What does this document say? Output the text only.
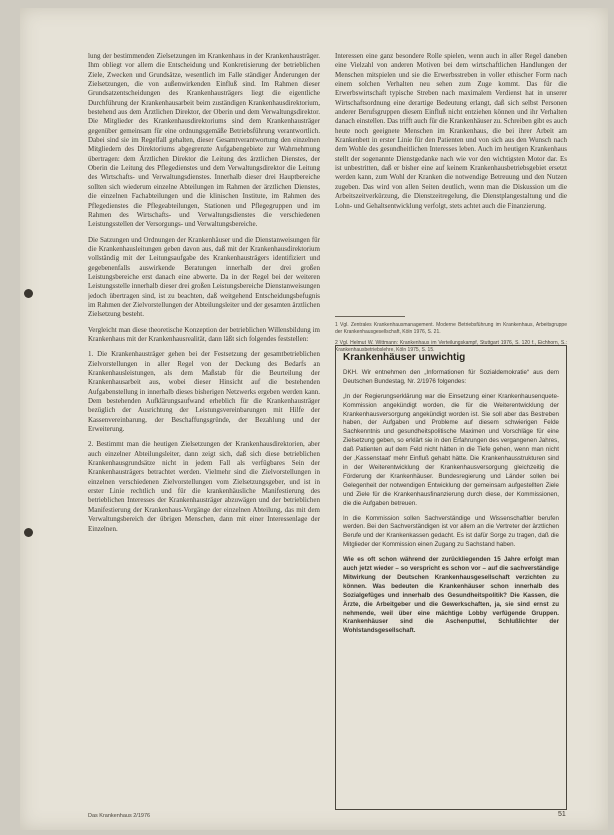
lung der bestimmenden Zielsetzungen im Krankenhaus in der Krankenhausträger. Ihm obliegt vor allem die Entscheidung und Konkretisierung der betrieblichen Ziele, Zwecken und Grundsätze, wesentlich im Falle ständiger Änderungen der Zielsetzungen, die von außenwirkenden Einfluß sind. Im Rahmen dieser Grundsatzentscheidungen des Krankenhausträgers liegt die eigentliche Durchführung der Krankenhausarbeit beim zuständigen Krankenhausdirektorium, bestehend aus dem Ärztlichen Direktor, der Oberin und dem Verwaltungsdirektor. Die Mitglieder des Krankenhausdirektoriums sind dem Krankenhausträger gegenüber gemeinsam für eine ordnungsgemäße Betriebsführung verantwortlich. Dabei sind sie im Regelfall gehalten, dieser Gesamtverantwortung den einzelnen Mitgliedern des Direktoriums abgegrenzte Aufgabengebiete zur Wahrnehmung übertragen: dem Ärztlichen Direktor die Leitung des ärztlichen Dienstes, der Oberin die Leitung des Pflegedienstes und dem Verwaltungsdirektor die Leitung des Wirtschafts- und Verwaltungsdienstes. Innerhalb dieser drei Hauptbereiche sollten sich wiederum einzelne Abteilungen im Rahmen der ärztlichen Dienstes, die einzelnen Fachabteilungen und die klinischen Institute, im Rahmen des Pflegedienstes die Pflegeabteilungen, Stationen und Pflegegruppen und im Rahmen des Wirtschafts- und Verwaltungsdienstes die verschiedenen Leistungsstellen der Versorgungs- und Verwaltungsbereiche.

Die Satzungen und Ordnungen der Krankenhäuser und die Dienstanweisungen für die Krankenhausleitungen geben davon aus, daß mit der Krankenhausdirektorium vollständig mit der Leitungsaufgabe des Krankenhausträgers identifiziert und gegebenenfalls auswirkende Beratungen innerhalb der drei großen Leistungsbereiche erst danach eine abwerte. Da in der Regel bei der weiteren Leistungsstelle innerhalb dieser drei großen Leistungsbereiche Dienstanweisungen jedoch übertragen sind, ist zu beachten, daß weitgehend Entscheidungsbefugnis im Rahmen der Zielvorstellungen der Abteilungsleiter und der gesamten ärztlichen Zielsetzung besteht.

Vergleicht man diese theoretische Konzeption der betrieblichen Willensbildung im Krankenhaus mit der Krankenhausrealität, dann läßt sich folgendes feststellen:

1. Die Krankenhausträger gehen bei der Festsetzung der gesamtbetrieblichen Zielvorstellungen in aller Regel von der Deckung des Bedarfs an Krankenhausleistungen, als dem Maßstab für die Beurteilung der Krankenhausarbeit aus, wobei dieser Hinsicht auf die bestehenden Aufgabenstellung in innerhalb dieses bisherigen Netzwerks ergeben werden kann. Dem bestehenden Aufklärungsaufwand erheblich für die Krankenhausträger bezüglich der Ausrichtung der Leistungsvereinbarungen mit Hilfe der Kassenvereinbarung, der Beschaffungsgründe, der Bezahlung und der Erweiterung.

2. Bestimmt man die heutigen Zielsetzungen der Krankenhausdirektorien, aber auch einzelner Abteilungsleiter, dann zeigt sich, daß sich diese betrieblichen Krankenhausgrundsätze nicht in jedem Fall als verfügbares Sein der Krankenhausträgers betrachtet werden. Vielmehr sind die Zielvorstellungen in einzelnen verschiedenen Zielvorstellungen vom Zielsetzungsgeber, und ist in erster Linie rechtlich und für die krankenhäusliche Manifestierung des betrieblichen Interesses der Krankenhausträger abzuwägen und der betrieblichen Manifestierung der Krankenhaus-Vorgänge der einzelnen Abteilung, das mit dem Verwaltungsbereich der übrigen Menschen, dann mit einer Interessenlage der Einzelnen.

Interessen eine ganz besondere Rolle spielen, wenn auch in aller Regel daneben eine Vielzahl von anderen Motiven bei dem wirtschaftlichen Handlungen der Menschen mitspielen und sie die Erwerbsstreben in voller ethischer Form nach einem solchen Verhalten neu sehen zum Zuge kommt. Das für die Erwerbswirtschaft typische Streben nach maximalem Verdienst hat in unserer Wirtschaftsordnung eine derartige Bedeutung erlangt, daß sich selbst Personen anderer Berufsgruppen diesem Einfluß nicht entziehen können und ihr Verhalten danach einstellen. Das trifft auch für die Krankenhäuser zu. Schreiben gibt es auch heute noch geeignete Menschen im Krankenhaus, die bei ihrer Arbeit am Krankenbett in erster Linie für den Patienten und von sich aus den Wunsch nach dem Wohle des gesundheitlichen Interesses leben. Auch im heutigen Krankenhaus stellt der sogenannte Dienstgedanke nach wie vor den wichtigsten Motor dar. Es ist unbestritten, daß er bisher eine auf keinem Krankenhausbetriebsgebiet ersetzt werden kann, zum Wohl der Kranken die notwendige Betreuung und den Nutzen zugeben. Das wird von allen Seiten deutlich, wenn man die Diskussion um die Arbeitszeitverkürzung, die Dienstzeitregelung, die Dienstplangestaltung und die Lohn- und Gehaltsentwicklung verfolgt, stets achtet auch die Finanzierung.

1 Vgl. Zentrales Krankenhausmanagement. Moderne Betriebsführung im Krankenhaus, Arbeitsgruppe der Krankenhausgesellschaft, Köln 1976, S. 21.

2 Vgl. Helmut W. Wittmann: Krankenhaus im Verteilungskampf, Stuttgart 1976, S. 120 f., Eichhorn, S.: Krankenhausbetriebslehre, Köln 1975, S. 15.

Krankenhäuser unwichtig

DKH. Wir entnehmen den „Informationen für Sozialdemokratie“ aus dem Deutschen Bundestag, Nr. 2/1976 folgendes:

„In der Regierungserklärung war die Einsetzung einer Krankenhausenquete-Kommission angekündigt worden, die für die Weiterentwicklung der Krankenhausversorgung angekündigt worden ist. Sie soll aber das Bestreben haben, der Aufgaben und Probleme auf diesem schwierigen Felde Sachkenntnis und gesundheitspolitische Maximen und Vorschläge für eine Zielsetzung geben, so erklärt sie in den Erfahrungen des vergangenen Jahres, daß Patienten auf dem Feld nicht hätten in die Tiefe gehen, wenn man nicht der ,Kassenstaat' mehr Einfluß gehabt hätte. Die Krankenhausstrukturen sind in der Weiterentwicklung der Krankenhausversorgung gleichzeitig die Förderung der Krankenhäuser. Bundesregierung und Länder sollen bei Gelegenheit der notwendigen Entwicklung der gemeinsam aufgestellten Ziele und Ziele für die Krankenhausfinanzierung durch diese, der Kommissionen, die die Aufgaben betreuen.

In die Kommission sollen Sachverständige und Wissenschaftler berufen werden. Bei den Sachverständigen ist vor allem an die Vertreter der ärztlichen Berufe und der Krankenkassen gedacht. Es ist dafür Sorge zu tragen, daß die Mitglieder der Kommission einen Zugang zu Sachstand haben.

Wie es oft schon während der zurückliegenden 15 Jahre erfolgt man auch jetzt wieder – so verspricht es schon vor – auf die sachverständige Mitwirkung der Deutschen Krankenhausgesellschaft verzichten zu können. Was bedeuten die Krankenhäuser schon innerhalb des Sozialgefüges und innerhalb des Gesundheitspolitik? Die Kassen, die Ärzte, die Arbeitgeber und die Gewerkschaften, ja, sie sind ernst zu nehmende, weil über eine mächtige Lobby verfügende Gruppen. Krankenhäuser sind die Aschenputtel, Schlußlichter der Wohlstandsgesellschaft.

Das Krankenhaus 2/1976	51
